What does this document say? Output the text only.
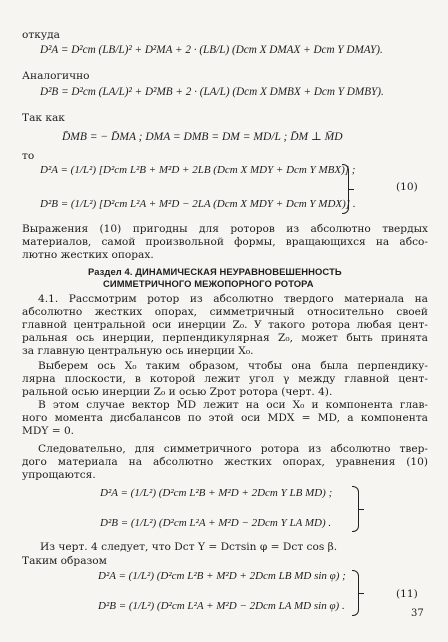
откуда
D²A = D²ст (LB/L)² + D²MA + 2 · (LB/L) (Dст X DMAX + Dст Y DMAY).
Аналогично
D²B = D²ст (LA/L)² + D²MB + 2 · (LA/L) (Dст X DMBX + Dст Y DMBY).
Так как
D̄MB = − D̄MA ; DMA = DMB = DM = MD/L ; D̄M ⊥ M̄D
то
D²A = (1/L²) [D²ст L²B + M²D + 2LB (Dст X MDY + Dст Y MBX)] ;
D²B = (1/L²) [D²ст L²A + M²D − 2LA (Dст X MDY + Dст Y MDX)] .
(10)
Выражения (10) пригодны для роторов из абсолютно твердых
материалов, самой произвольной формы, вращающихся на абсо-
лютно жестких опорах.
Раздел 4. ДИНАМИЧЕСКАЯ НЕУРАВНОВЕШЕННОСТЬ
СИММЕТРИЧНОГО МЕЖОПОРНОГО РОТОРА
4.1. Рассмотрим ротор из абсолютно твердого материала на
абсолютно жестких опорах, симметричный относительно своей
главной центральной оси инерции Z₀. У такого ротора любая цент-
ральная ось инерции, перпендикулярная Z₀, может быть принята
за главную центральную ось инерции X₀.
Выберем ось X₀ таким образом, чтобы она была перпендику-
лярна плоскости, в которой лежит угол γ между главной цент-
ральной осью инерции Z₀ и осью Zрот ротора (черт. 4).
В этом случае вектор M̄D лежит на оси X₀ и компонента глав-
ного момента дисбалансов по этой оси MDX = MD, а компонента
MDY = 0.
Следовательно, для симметричного ротора из абсолютно твер-
дого материала на абсолютно жестких опорах, уравнения (10)
упрощаются.
D²A = (1/L²) (D²ст L²B + M²D + 2Dст Y LB MD) ;
D²B = (1/L²) (D²ст L²A + M²D − 2Dст Y LA MD) .
Из черт. 4 следует, что Dст Y = Dстsin φ = Dст cos β.
Таким образом
D²A = (1/L²) (D²ст L²B + M²D + 2Dст LB MD sin φ) ;
D²B = (1/L²) (D²ст L²A + M²D − 2Dст LA MD sin φ) .
(11)
37
